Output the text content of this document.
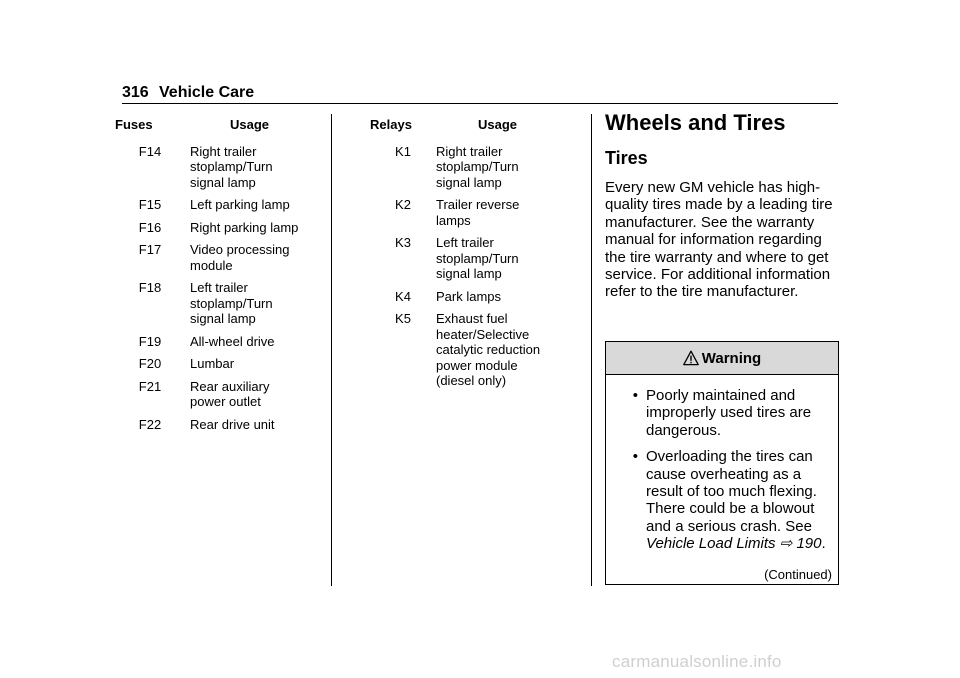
316 Vehicle Care
Fuses	Usage
F14	Right trailer
stoplamp/Turn
signal lamp

F15	Left parking lamp

F16	Right parking lamp

F17	Video processing
module

F18	Left trailer
stoplamp/Turn
signal lamp

F19	All-wheel drive

F20	Lumbar

F21	Rear auxiliary
power outlet

F22	Rear drive unit
Relays	Usage
K1	Right trailer
stoplamp/Turn
signal lamp

K2	Trailer reverse
lamps

K3	Left trailer
stoplamp/Turn
signal lamp

K4	Park lamps

K5	Exhaust fuel
heater/Selective
catalytic reduction
power module
(diesel only)
Wheels and Tires
Tires

Every new GM vehicle has high-quality tires made by a leading tire manufacturer. See the warranty manual for information regarding the tire warranty and where to get service. For additional information refer to the tire manufacturer.

Warning
• Poorly maintained and improperly used tires are dangerous.
• Overloading the tires can cause overheating as a result of too much flexing. There could be a blowout and a serious crash. See Vehicle Load Limits ⇨ 190.
(Continued)
carmanualsonline.info
